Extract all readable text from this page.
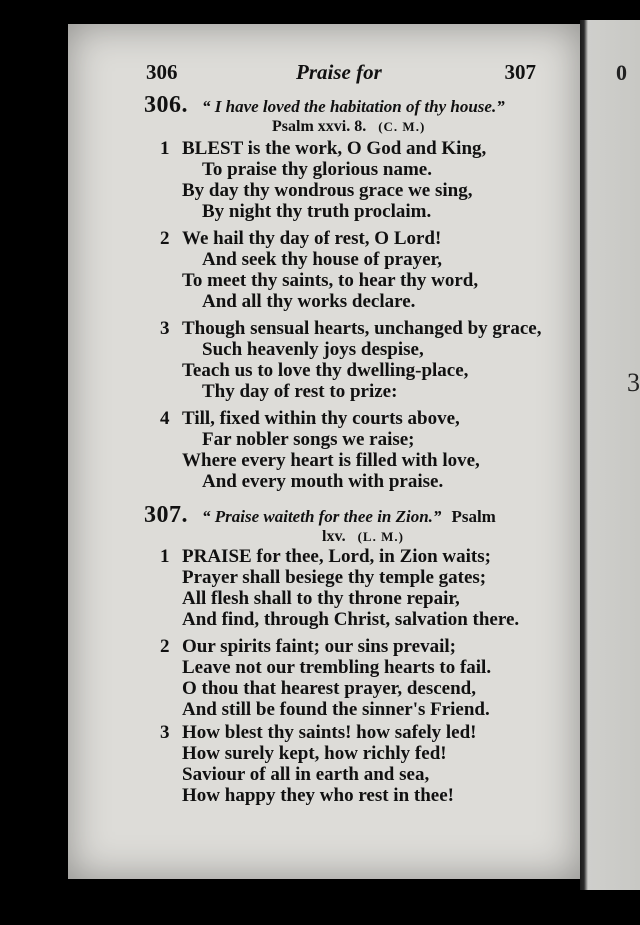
0
3
306	Praise for	307
306. “ I have loved the habitation of thy house.”
Psalm xxvi. 8. (C. M.)
1 BLEST is the work, O God and King,
To praise thy glorious name.
By day thy wondrous grace we sing,
By night thy truth proclaim.
2 We hail thy day of rest, O Lord!
And seek thy house of prayer,
To meet thy saints, to hear thy word,
And all thy works declare.
3 Though sensual hearts, unchanged by grace,
Such heavenly joys despise,
Teach us to love thy dwelling-place,
Thy day of rest to prize:
4 Till, fixed within thy courts above,
Far nobler songs we raise;
Where every heart is filled with love,
And every mouth with praise.
307. “ Praise waiteth for thee in Zion.” Psalm
lxv. (L. M.)
1 PRAISE for thee, Lord, in Zion waits;
Prayer shall besiege thy temple gates;
All flesh shall to thy throne repair,
And find, through Christ, salvation there.
2 Our spirits faint; our sins prevail;
Leave not our trembling hearts to fail.
O thou that hearest prayer, descend,
And still be found the sinner's Friend.
3 How blest thy saints! how safely led!
How surely kept, how richly fed!
Saviour of all in earth and sea,
How happy they who rest in thee!
